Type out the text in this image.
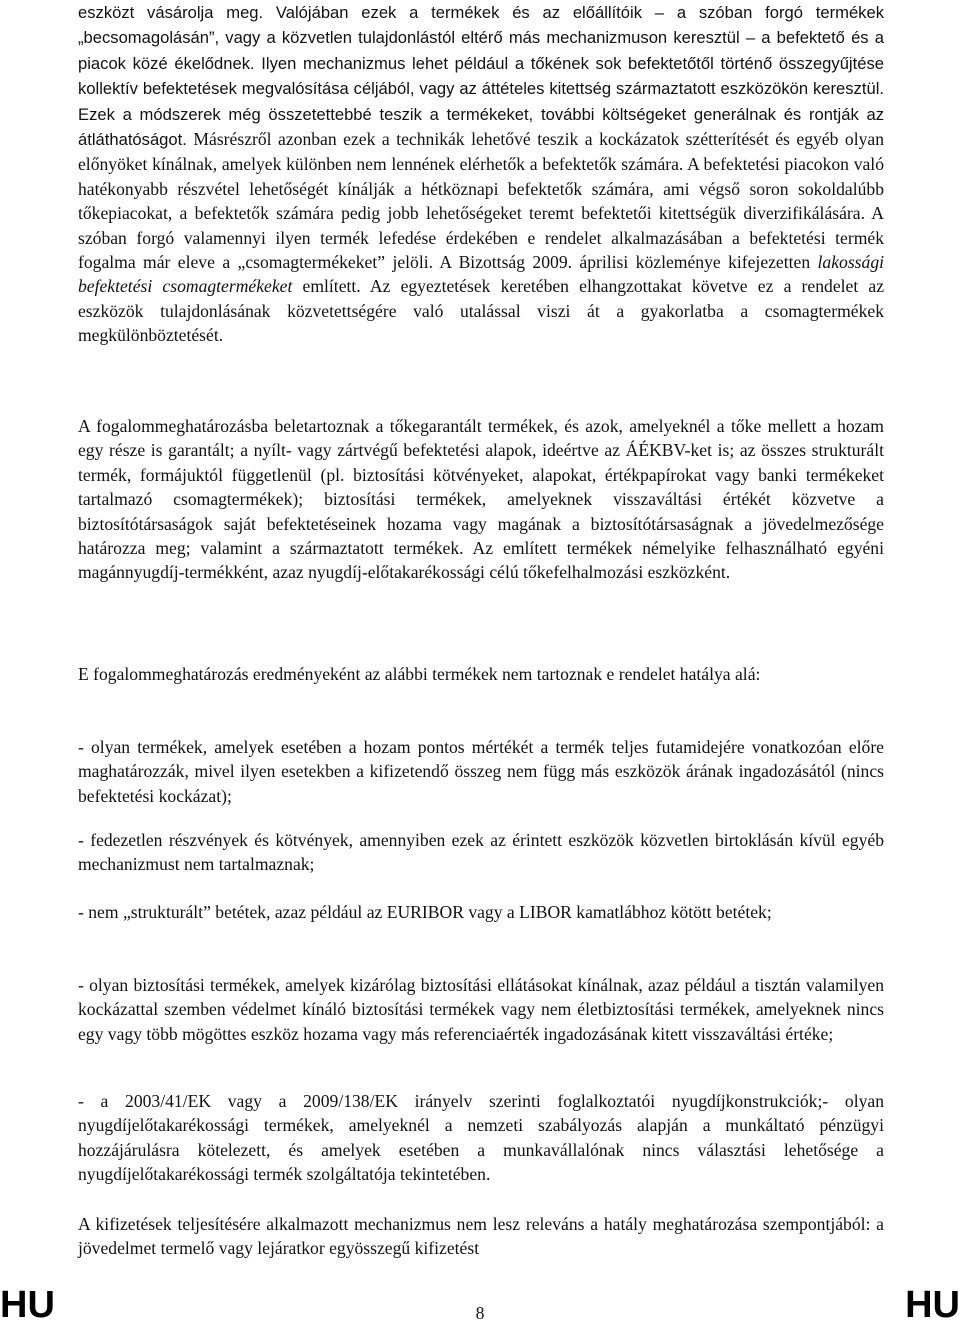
eszközt vásárolja meg. Valójában ezek a termékek és az előállítóik – a szóban forgó termékek „becsomagolásán”, vagy a közvetlen tulajdonlástól eltérő más mechanizmuson keresztül – a befektető és a piacok közé ékelődnek. Ilyen mechanizmus lehet például a tőkének sok befektetőtől történő összegyűjtése kollektív befektetések megvalósítása céljából, vagy az áttételes kitettség származtatott eszközökön keresztül. Ezek a módszerek még összetettebbé teszik a termékeket, további költségeket generálnak és rontják az átláthatóságot. Másrészről azonban ezek a technikák lehetővé teszik a kockázatok szétterítését és egyéb olyan előnyöket kínálnak, amelyek különben nem lennének elérhetők a befektetők számára. A befektetési piacokon való hatékonyabb részvétel lehetőségét kínálják a hétköznapi befektetők számára, ami végső soron sokoldalúbb tőkepiacokat, a befektetők számára pedig jobb lehetőségeket teremt befektetői kitettségük diverzifikálására. A szóban forgó valamennyi ilyen termék lefedése érdekében e rendelet alkalmazásában a befektetési termék fogalma már eleve a „csomagtermékeket” jelöli. A Bizottság 2009. áprilisi közleménye kifejezetten lakossági befektetési csomagtermékeket említett. Az egyeztetések keretében elhangzottakat követve ez a rendelet az eszközök tulajdonlásának közvetettségére való utalással viszi át a gyakorlatba a csomagtermékek megkülönböztetését.

A fogalommeghatározásba beletartoznak a tőkegarantált termékek, és azok, amelyeknél a tőke mellett a hozam egy része is garantált; a nyílt- vagy zártvégű befektetési alapok, ideértve az ÁÉKBV-ket is; az összes strukturált termék, formájuktól függetlenül (pl. biztosítási kötvényeket, alapokat, értékpapírokat vagy banki termékeket tartalmazó csomagtermékek); biztosítási termékek, amelyeknek visszaváltási értékét közvetve a biztosítótársaságok saját befektetéseinek hozama vagy magának a biztosítótársaságnak a jövedelmezősége határozza meg; valamint a származtatott termékek. Az említett termékek némelyike felhasználható egyéni magánnyugdíj-termékként, azaz nyugdíj-előtakarékossági célú tőkefelhalmozási eszközként.

E fogalommeghatározás eredményeként az alábbi termékek nem tartoznak e rendelet hatálya alá:

- olyan termékek, amelyek esetében a hozam pontos mértékét a termék teljes futamidejére vonatkozóan előre maghatározzák, mivel ilyen esetekben a kifizetendő összeg nem függ más eszközök árának ingadozásától (nincs befektetési kockázat);

- fedezetlen részvények és kötvények, amennyiben ezek az érintett eszközök közvetlen birtoklásán kívül egyéb mechanizmust nem tartalmaznak;

- nem „strukturált” betétek, azaz például az EURIBOR vagy a LIBOR kamatlábhoz kötött betétek;

- olyan biztosítási termékek, amelyek kizárólag biztosítási ellátásokat kínálnak, azaz például a tisztán valamilyen kockázattal szemben védelmet kínáló biztosítási termékek vagy nem életbiztosítási termékek, amelyeknek nincs egy vagy több mögöttes eszköz hozama vagy más referenciaérték ingadozásának kitett visszaváltási értéke;

- a 2003/41/EK vagy a 2009/138/EK irányelv szerinti foglalkoztatói nyugdíjkonstrukciók;- olyan nyugdíjelőtakarékossági termékek, amelyeknél a nemzeti szabályozás alapján a munkáltató pénzügyi hozzájárulásra kötelezett, és amelyek esetében a munkavállalónak nincs választási lehetősége a nyugdíjelőtakarékossági termék szolgáltatója tekintetében.

A kifizetések teljesítésére alkalmazott mechanizmus nem lesz releváns a hatály meghatározása szempontjából: a jövedelmet termelő vagy lejáratkor egyösszegű kifizetést

HU	8	HU
